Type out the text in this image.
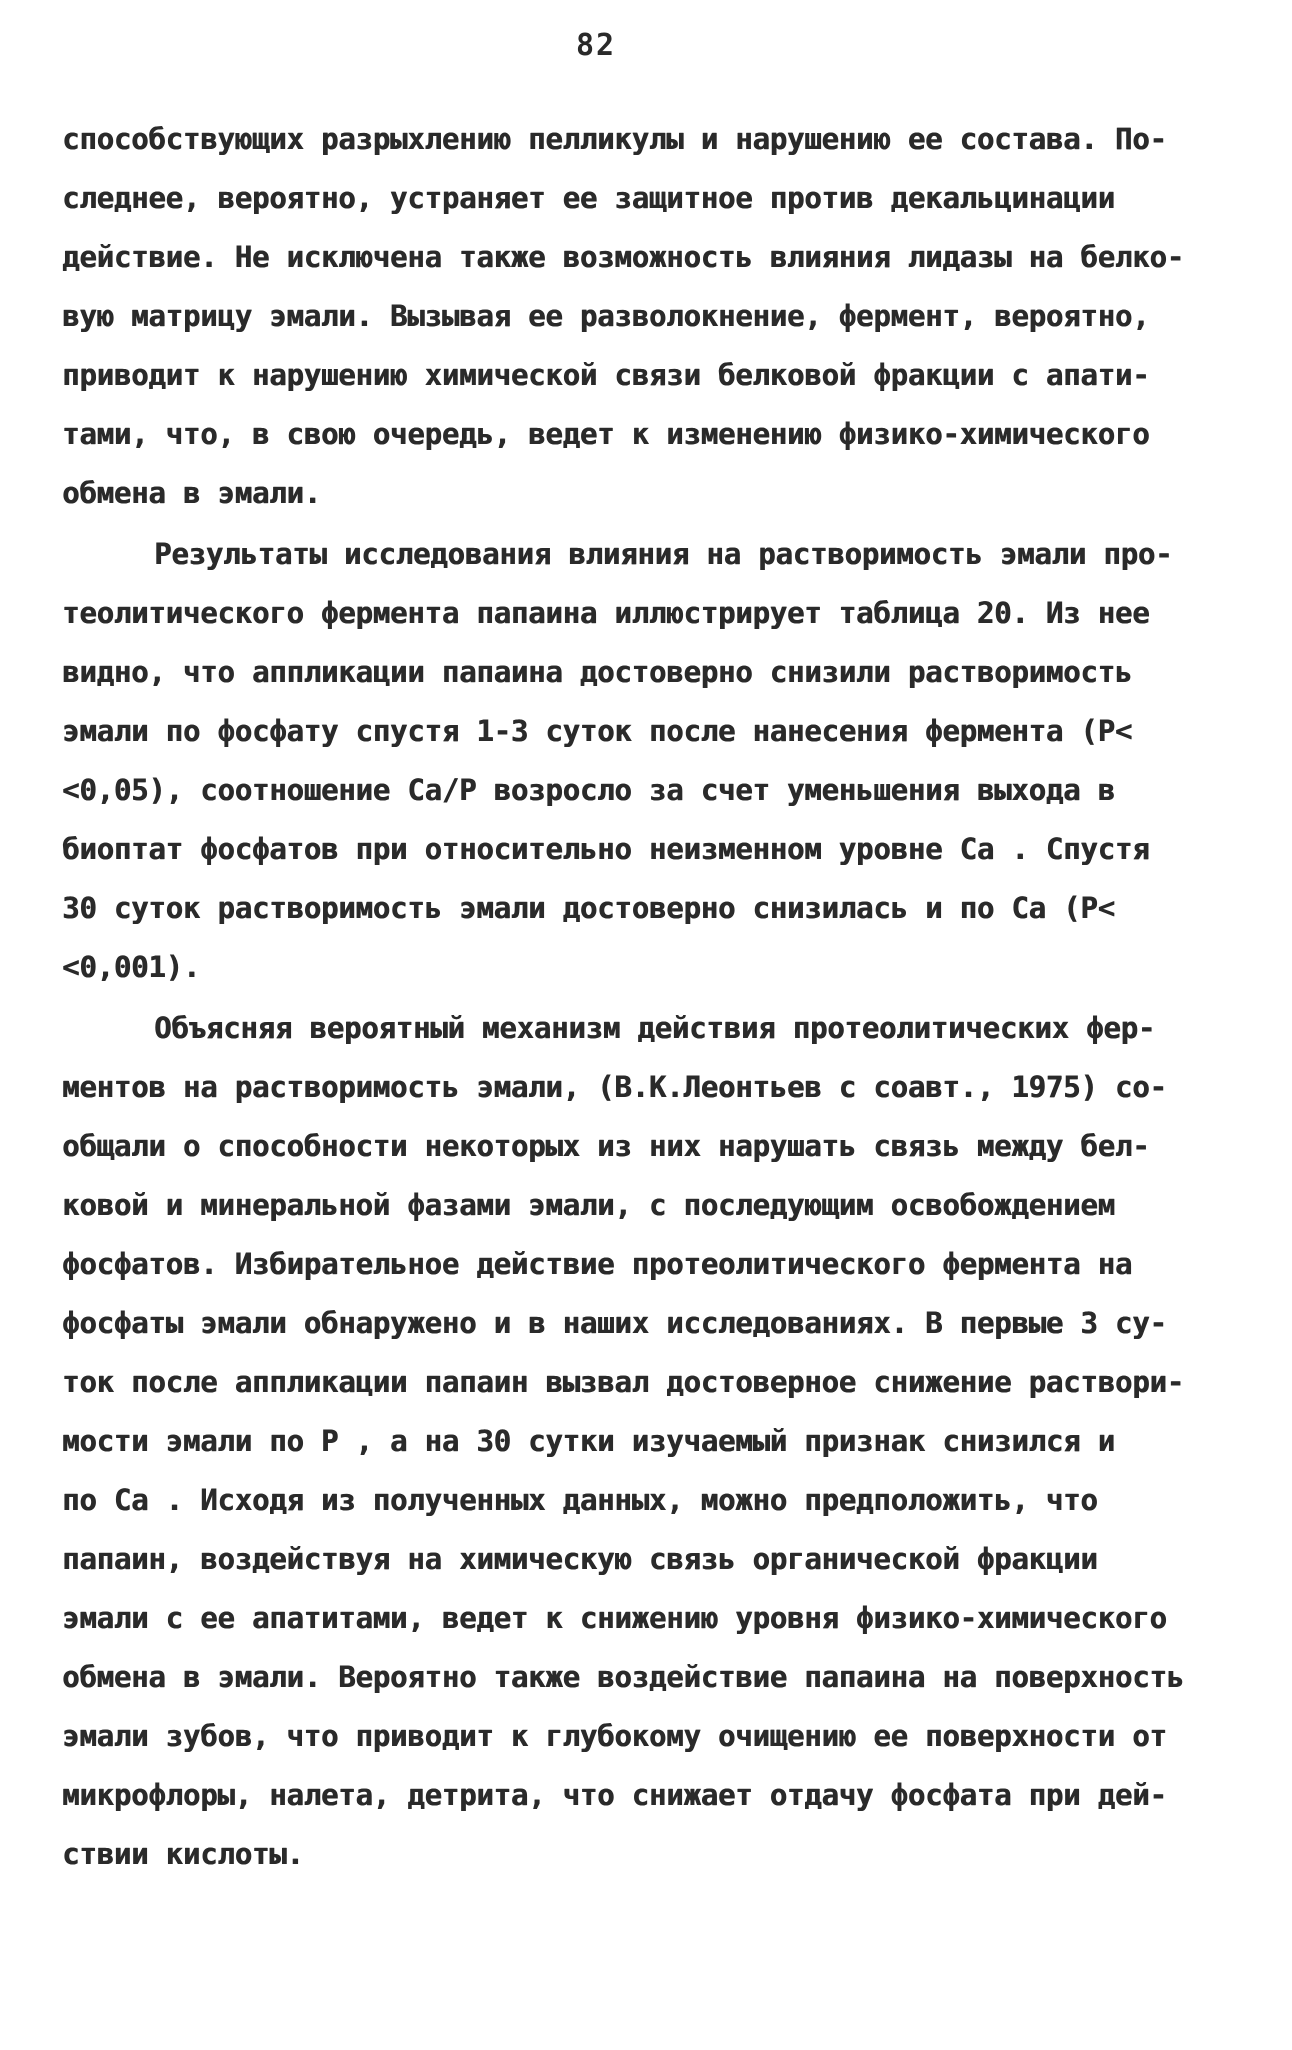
82
способствующих разрыхлению пелликулы и нарушению ее состава. По-
следнее, вероятно, устраняет ее защитное против декальцинации
действие. Не исключена также возможность влияния лидазы на белко-
вую матрицу эмали. Вызывая ее разволокнение, фермент, вероятно,
приводит к нарушению химической связи белковой фракции с апати-
тами, что, в свою очередь, ведет к изменению физико-химического
обмена в эмали.
Результаты исследования влияния на растворимость эмали про-
теолитического фермента папаина иллюстрирует таблица 20. Из нее
видно, что аппликации папаина достоверно снизили растворимость
эмали по фосфату спустя 1-3 суток после нанесения фермента (P<
<0,05), соотношение Ca/P возросло за счет уменьшения выхода в
биоптат фосфатов при относительно неизменном уровне Ca . Спустя
30 суток растворимость эмали достоверно снизилась и по Ca (P<
<0,001).
Объясняя вероятный механизм действия протеолитических фер-
ментов на растворимость эмали, (В.К.Леонтьев с соавт., 1975) со-
общали о способности некоторых из них нарушать связь между бел-
ковой и минеральной фазами эмали, с последующим освобождением
фосфатов. Избирательное действие протеолитического фермента на
фосфаты эмали обнаружено и в наших исследованиях. В первые 3 су-
ток после аппликации папаин вызвал достоверное снижение раствори-
мости эмали по P , а на 30 сутки изучаемый признак снизился и
по Ca . Исходя из полученных данных, можно предположить, что
папаин, воздействуя на химическую связь органической фракции
эмали с ее апатитами, ведет к снижению уровня физико-химического
обмена в эмали. Вероятно также воздействие папаина на поверхность
эмали зубов, что приводит к глубокому очищению ее поверхности от
микрофлоры, налета, детрита, что снижает отдачу фосфата при дей-
ствии кислоты.
